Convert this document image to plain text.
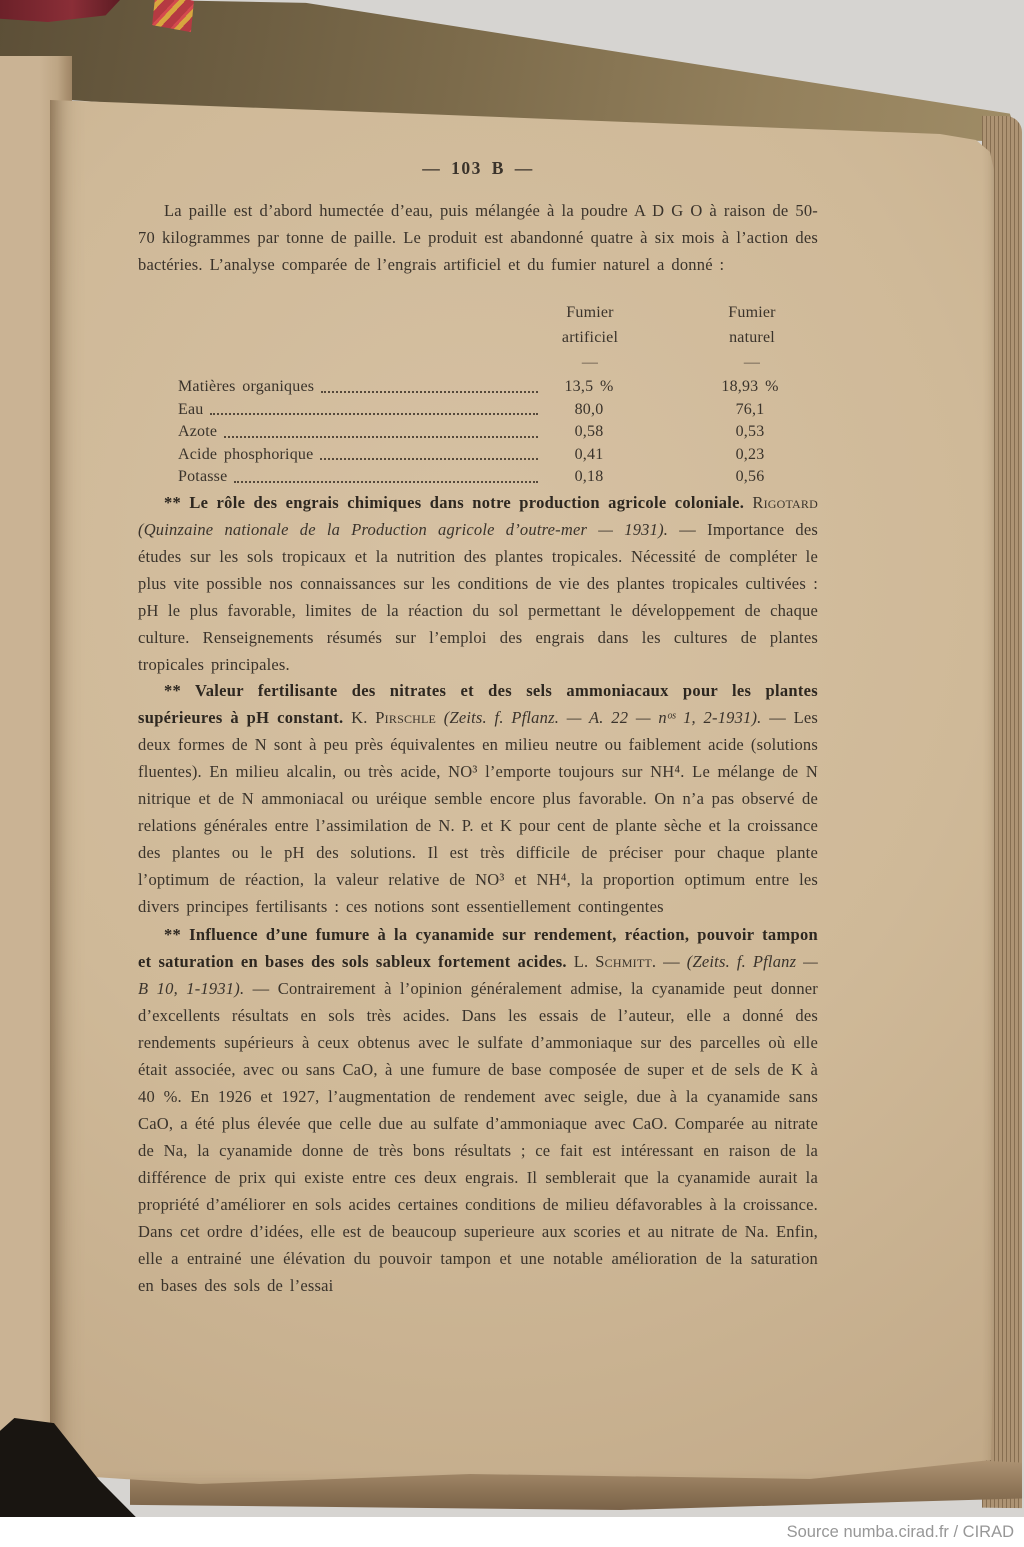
— 103 B —
La paille est d’abord humectée d’eau, puis mélangée à la poudre A D G O à raison de 50-70 kilogrammes par tonne de paille. Le produit est abandonné quatre à six mois à l’action des bactéries. L’analyse comparée de l’engrais artificiel et du fumier naturel a donné :
Fumier
artificiel
—
Fumier
naturel
—
Matières organiques	13,5 %	18,93 %
Eau	80,0	76,1
Azote	0,58	0,53
Acide phosphorique	0,41	0,23
Potasse	0,18	0,56
** Le rôle des engrais chimiques dans notre production agricole coloniale. Rigotard (Quinzaine nationale de la Production agricole d’outre-mer — 1931). — Importance des études sur les sols tropicaux et la nutrition des plantes tropicales. Nécessité de compléter le plus vite possible nos connaissances sur les conditions de vie des plantes tropicales cultivées : pH le plus favorable, limites de la réaction du sol permettant le développement de chaque culture. Renseignements résumés sur l’emploi des engrais dans les cultures de plantes tropicales principales.
** Valeur fertilisante des nitrates et des sels ammoniacaux pour les plantes supérieures à pH constant. K. Pirschle (Zeits. f. Pflanz. — A. 22 — nᵒˢ 1, 2-1931). — Les deux formes de N sont à peu près équivalentes en milieu neutre ou faiblement acide (solutions fluentes). En milieu alcalin, ou très acide, NO³ l’emporte toujours sur NH⁴. Le mélange de N nitrique et de N ammoniacal ou uréique semble encore plus favorable. On n’a pas observé de relations générales entre l’assimilation de N. P. et K pour cent de plante sèche et la croissance des plantes ou le pH des solutions. Il est très difficile de préciser pour chaque plante l’optimum de réaction, la valeur relative de NO³ et NH⁴, la proportion optimum entre les divers principes fertilisants : ces notions sont essentiellement contingentes
** Influence d’une fumure à la cyanamide sur rendement, réaction, pouvoir tampon et saturation en bases des sols sableux fortement acides. L. Schmitt. — (Zeits. f. Pflanz — B 10, 1-1931). — Contrairement à l’opinion généralement admise, la cyanamide peut donner d’excellents résultats en sols très acides. Dans les essais de l’auteur, elle a donné des rendements supérieurs à ceux obtenus avec le sulfate d’ammoniaque sur des parcelles où elle était associée, avec ou sans CaO, à une fumure de base composée de super et de sels de K à 40 %. En 1926 et 1927, l’augmentation de rendement avec seigle, due à la cyanamide sans CaO, a été plus élevée que celle due au sulfate d’ammoniaque avec CaO. Comparée au nitrate de Na, la cyanamide donne de très bons résultats ; ce fait est intéressant en raison de la différence de prix qui existe entre ces deux engrais. Il semblerait que la cyanamide aurait la propriété d’améliorer en sols acides certaines conditions de milieu défavorables à la croissance. Dans cet ordre d’idées, elle est de beaucoup superieure aux scories et au nitrate de Na. Enfin, elle a entrainé une élévation du pouvoir tampon et une notable amélioration de la saturation en bases des sols de l’essai
Source numba.cirad.fr / CIRAD
